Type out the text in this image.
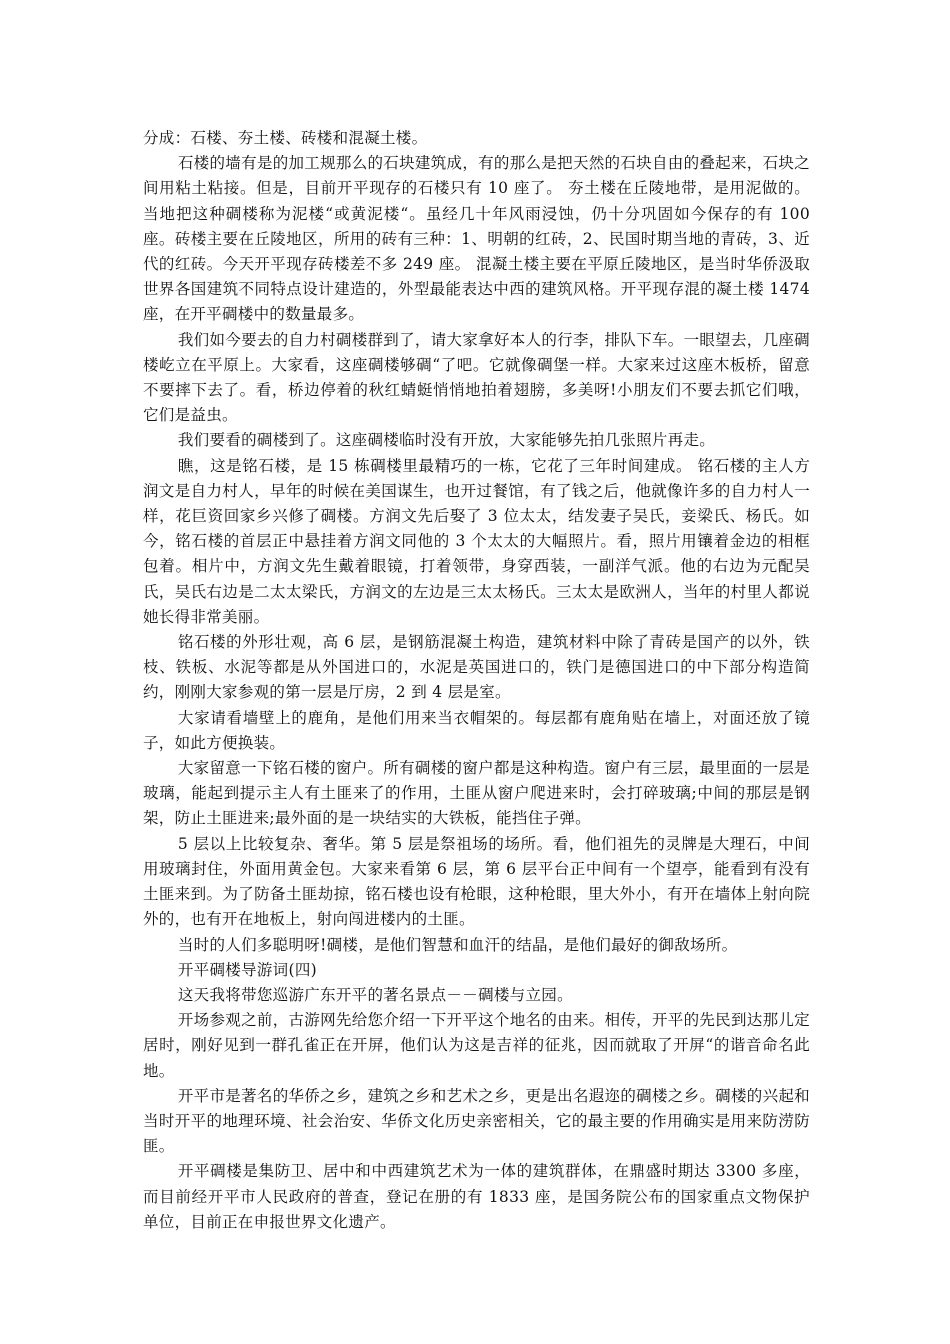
分成：石楼、夯土楼、砖楼和混凝土楼。

石楼的墙有是的加工规那么的石块建筑成，有的那么是把天然的石块自由的叠起来，石块之间用粘土粘接。但是，目前开平现存的石楼只有 10 座了。 夯土楼在丘陵地带，是用泥做的。当地把这种碉楼称为泥楼“或黄泥楼“。虽经几十年风雨浸蚀，仍十分巩固如今保存的有 100 座。砖楼主要在丘陵地区，所用的砖有三种：1、明朝的红砖，2、民国时期当地的青砖，3、近代的红砖。今天开平现存砖楼差不多 249 座。 混凝土楼主要在平原丘陵地区，是当时华侨汲取世界各国建筑不同特点设计建造的，外型最能表达中西的建筑风格。开平现存混的凝土楼 1474 座，在开平碉楼中的数量最多。

我们如今要去的自力村碉楼群到了，请大家拿好本人的行李，排队下车。一眼望去，几座碉楼屹立在平原上。大家看，这座碉楼够碉“了吧。它就像碉堡一样。大家来过这座木板桥，留意不要摔下去了。看，桥边停着的秋红蜻蜓悄悄地拍着翅膀，多美呀!小朋友们不要去抓它们哦，它们是益虫。

我们要看的碉楼到了。这座碉楼临时没有开放，大家能够先拍几张照片再走。

瞧，这是铭石楼，是 15 栋碉楼里最精巧的一栋，它花了三年时间建成。 铭石楼的主人方润文是自力村人，早年的时候在美国谋生，也开过餐馆，有了钱之后，他就像许多的自力村人一样，花巨资回家乡兴修了碉楼。方润文先后娶了 3 位太太，结发妻子吴氏，妾梁氏、杨氏。如今，铭石楼的首层正中悬挂着方润文同他的 3 个太太的大幅照片。看，照片用镶着金边的相框包着。相片中，方润文先生戴着眼镜，打着领带，身穿西装，一副洋气派。他的右边为元配吴氏，吴氏右边是二太太梁氏，方润文的左边是三太太杨氏。三太太是欧洲人，当年的村里人都说她长得非常美丽。

铭石楼的外形壮观，高 6 层，是钢筋混凝土构造，建筑材料中除了青砖是国产的以外，铁枝、铁板、水泥等都是从外国进口的，水泥是英国进口的，铁门是德国进口的中下部分构造简约，刚刚大家参观的第一层是厅房，2 到 4 层是室。

大家请看墙壁上的鹿角，是他们用来当衣帽架的。每层都有鹿角贴在墙上，对面还放了镜子，如此方便换装。

大家留意一下铭石楼的窗户。所有碉楼的窗户都是这种构造。窗户有三层，最里面的一层是玻璃，能起到提示主人有土匪来了的作用，土匪从窗户爬进来时，会打碎玻璃;中间的那层是钢架，防止土匪进来;最外面的是一块结实的大铁板，能挡住子弹。

5 层以上比较复杂、奢华。第 5 层是祭祖场的场所。看，他们祖先的灵牌是大理石，中间用玻璃封住，外面用黄金包。大家来看第 6 层，第 6 层平台正中间有一个望亭，能看到有没有土匪来到。为了防备土匪劫掠，铭石楼也设有枪眼，这种枪眼，里大外小，有开在墙体上射向院外的，也有开在地板上，射向闯进楼内的土匪。

当时的人们多聪明呀!碉楼，是他们智慧和血汗的结晶，是他们最好的御敌场所。

开平碉楼导游词(四)

这天我将带您巡游广东开平的著名景点－－碉楼与立园。

开场参观之前，古游网先给您介绍一下开平这个地名的由来。相传，开平的先民到达那儿定居时，刚好见到一群孔雀正在开屏，他们认为这是吉祥的征兆，因而就取了开屏“的谐音命名此地。

开平市是著名的华侨之乡，建筑之乡和艺术之乡，更是出名遐迩的碉楼之乡。碉楼的兴起和当时开平的地理环境、社会治安、华侨文化历史亲密相关，它的最主要的作用确实是用来防涝防匪。

开平碉楼是集防卫、居中和中西建筑艺术为一体的建筑群体，在鼎盛时期达 3300 多座，而目前经开平市人民政府的普查，登记在册的有 1833 座，是国务院公布的国家重点文物保护单位，目前正在申报世界文化遗产。
